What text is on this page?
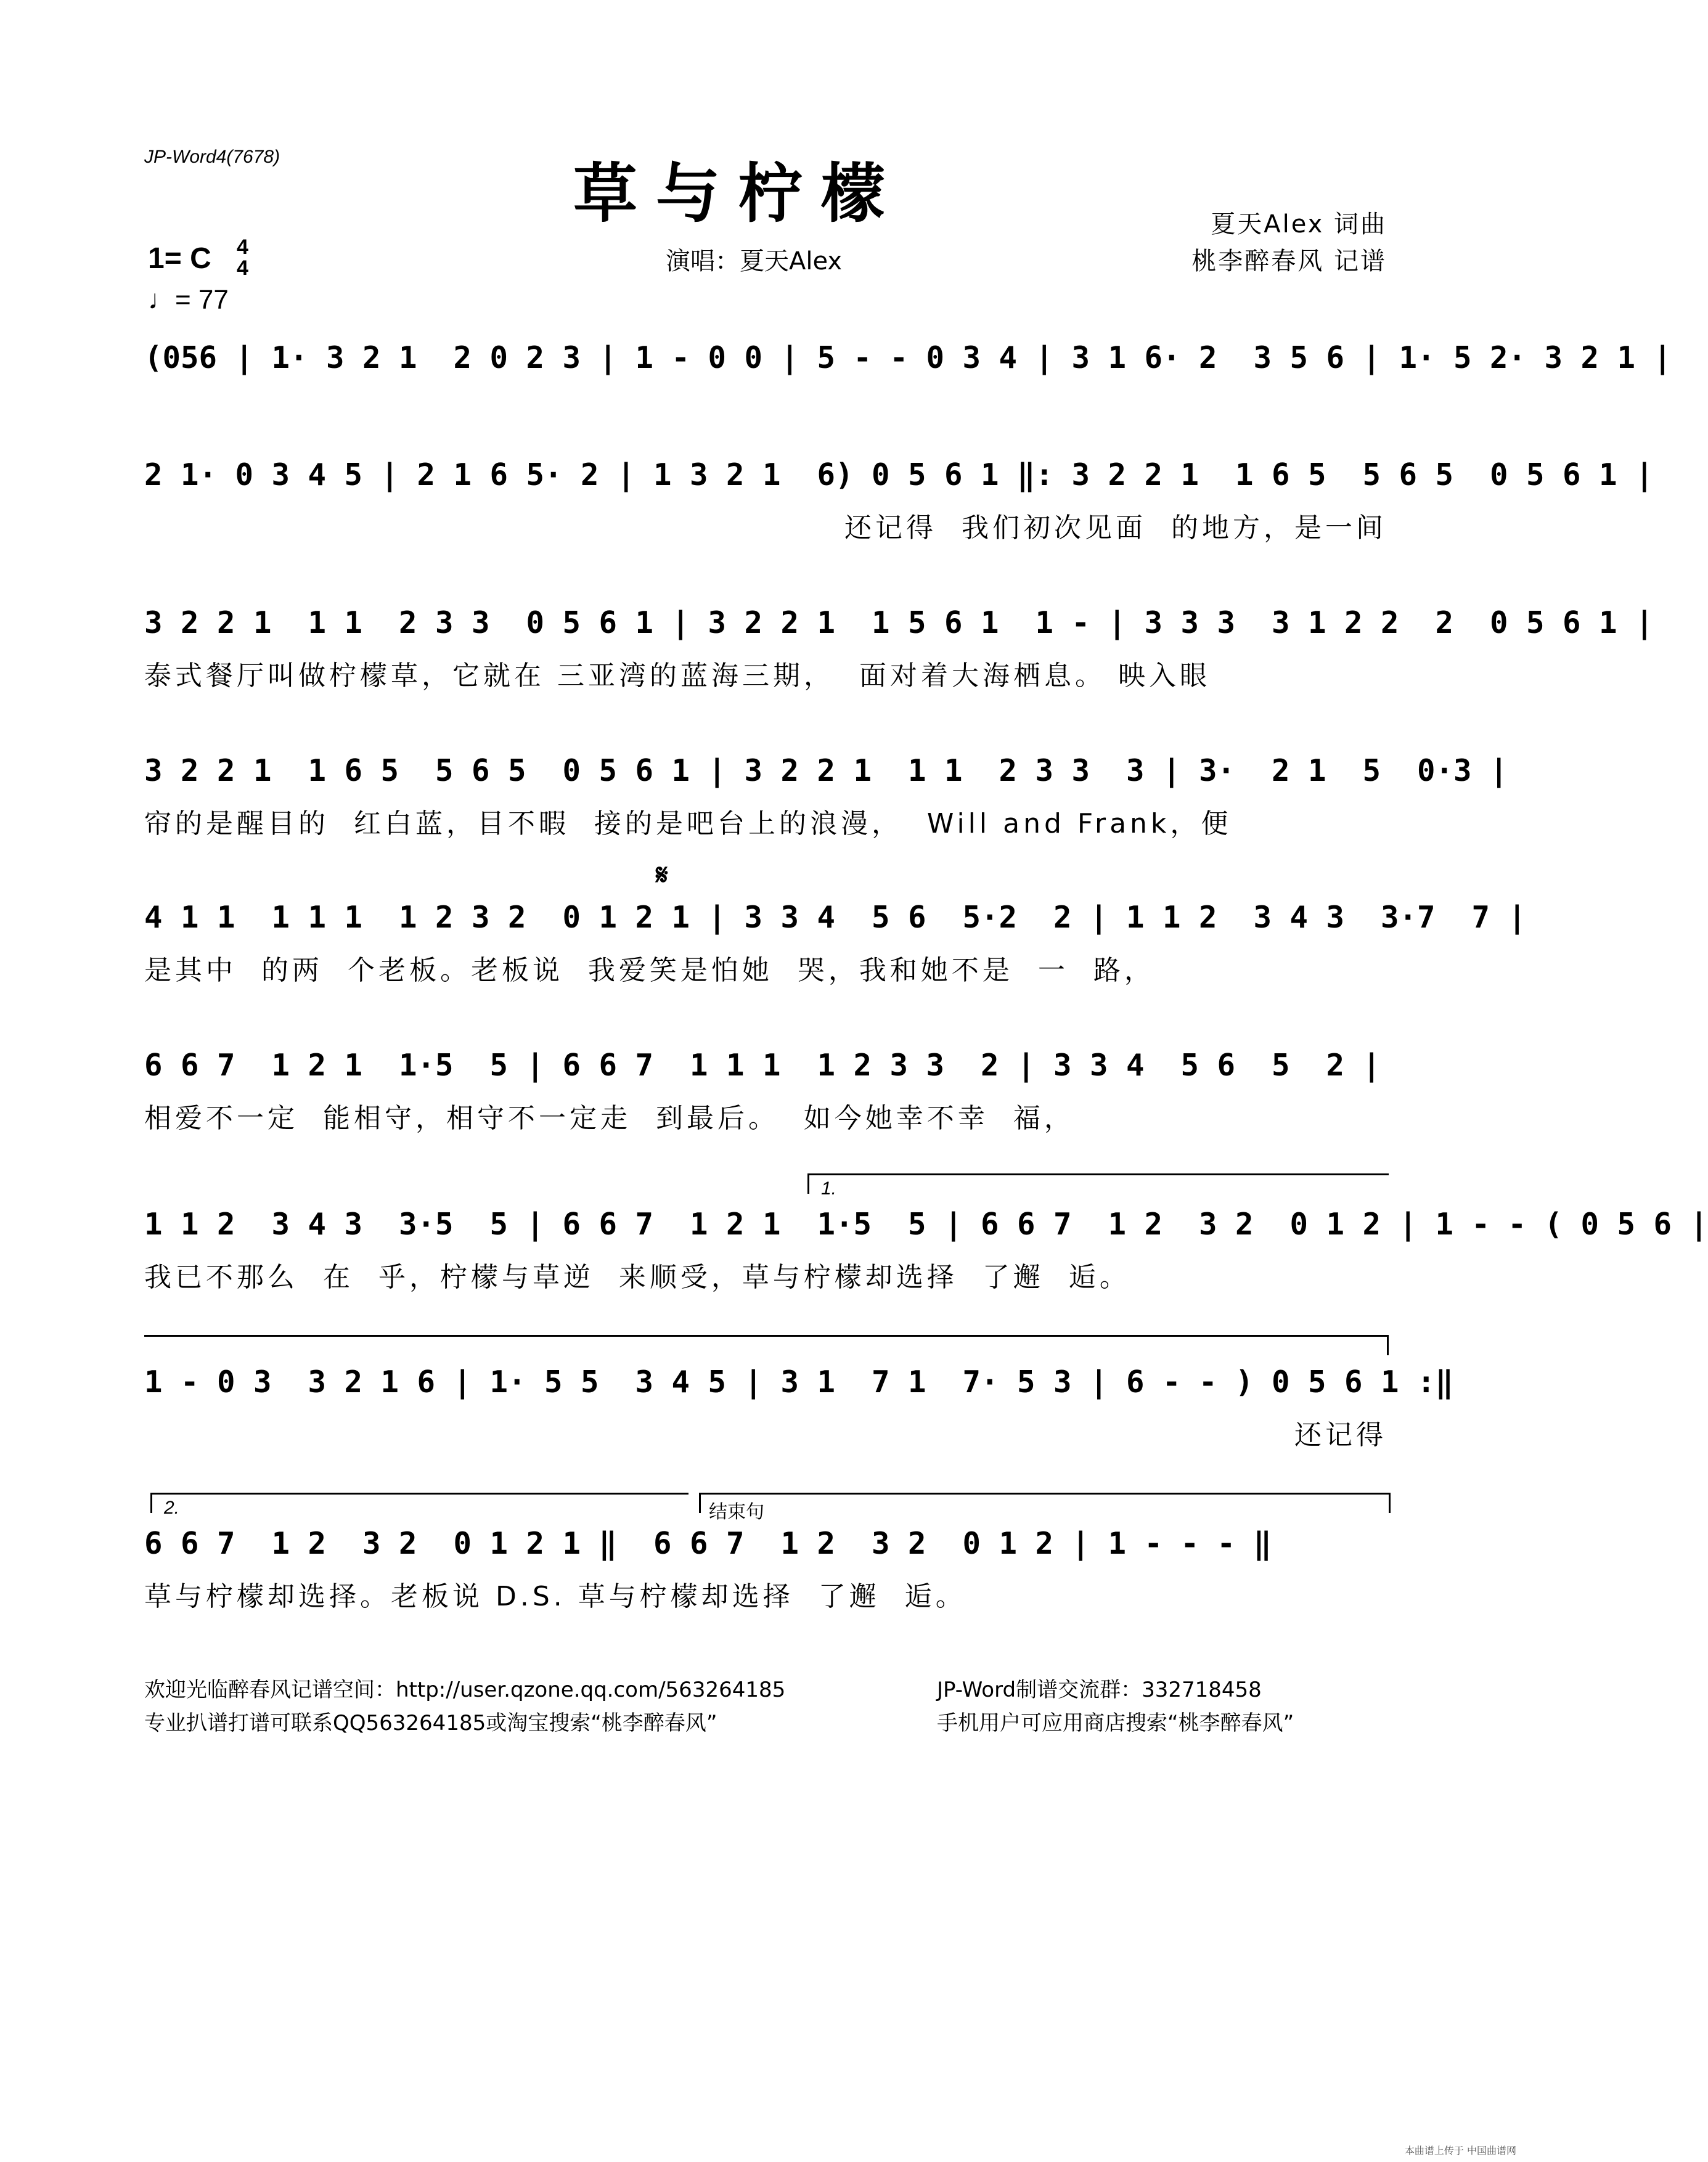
JP-Word4(7678)	草与柠檬
演唱：夏天Alex
夏天Alex 词曲
桃李醉春风 记谱
1= C 4
4
♩= 77
(056 | 1· 3 2 1  2 0 2 3 | 1 - 0 0 | 5 - - 0 3 4 | 3 1 6· 2  3 5 6 | 1· 5 2· 3 2 1 |
2 1· 0 3 4 5 | 2 1 6 5· 2 | 1 3 2 1  6) 0 5 6 1 ‖: 3 2 2 1  1 6 5  5 6 5  0 5 6 1 |
还记得  我们初次见面  的地方，是一间
3 2 2 1  1 1  2 3 3  0 5 6 1 | 3 2 2 1  1 5 6 1  1 - | 3 3 3  3 1 2 2  2  0 5 6 1 |
泰式餐厅叫做柠檬草，它就在 三亚湾的蓝海三期，  面对着大海栖息。 映入眼
3 2 2 1  1 6 5  5 6 5  0 5 6 1 | 3 2 2 1  1 1  2 3 3  3 | 3·  2 1  5  0·3 |
帘的是醒目的  红白蓝，目不暇  接的是吧台上的浪漫，  Will and Frank，便
𝄋
4 1 1  1 1 1  1 2 3 2  0 1 2 1 | 3 3 4  5 6  5·2  2 | 1 1 2  3 4 3  3·7  7 |
是其中  的两  个老板。老板说  我爱笑是怕她  哭，我和她不是  一  路，
6 6 7  1 2 1  1·5  5 | 6 6 7  1 1 1  1 2 3 3  2 | 3 3 4  5 6  5  2 |
相爱不一定  能相守，相守不一定走  到最后。  如今她幸不幸  福，
1.
1 1 2  3 4 3  3·5  5 | 6 6 7  1 2 1  1·5  5 | 6 6 7  1 2  3 2  0 1 2 | 1 - - ( 0 5 6 |
我已不那么  在  乎，柠檬与草逆  来顺受，草与柠檬却选择  了邂  逅。
1 - 0 3  3 2 1 6 | 1· 5 5  3 4 5 | 3 1  7 1  7· 5 3 | 6 - - ) 0 5 6 1 :‖
还记得
2.	结束句
6 6 7  1 2  3 2  0 1 2 1 ‖  6 6 7  1 2  3 2  0 1 2 | 1 - - - ‖
草与柠檬却选择。老板说 D.S. 草与柠檬却选择  了邂  逅。
欢迎光临醉春风记谱空间：http://user.qzone.qq.com/563264185	JP-Word制谱交流群：332718458
专业扒谱打谱可联系QQ563264185或淘宝搜索“桃李醉春风”	手机用户可应用商店搜索“桃李醉春风”
本曲谱上传于 中国曲谱网
